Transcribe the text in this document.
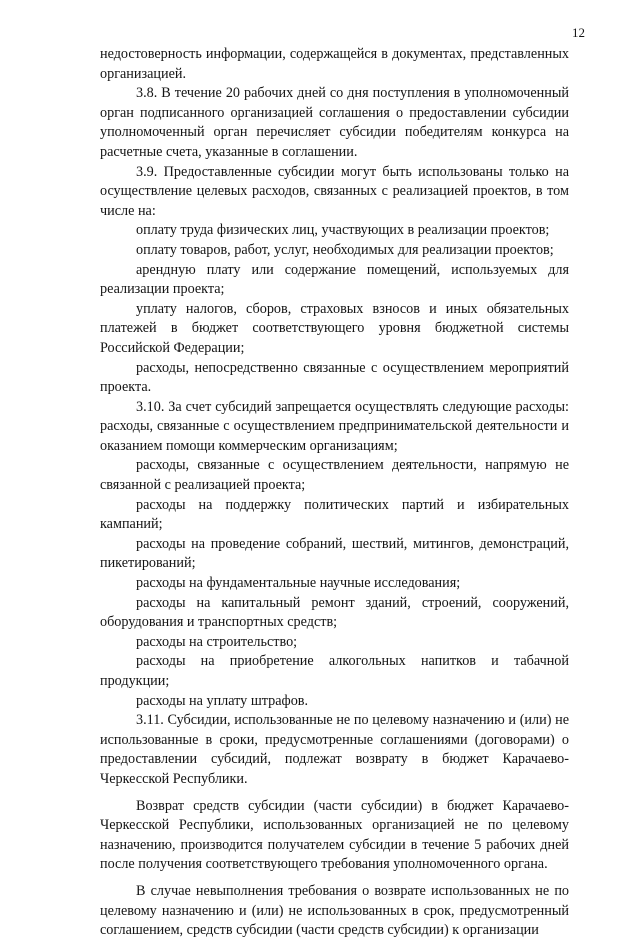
12

недостоверность информации, содержащейся в документах, представленных организацией.

3.8. В течение 20 рабочих дней со дня поступления в уполномоченный орган подписанного организацией соглашения о предоставлении субсидии уполномоченный орган перечисляет субсидии победителям конкурса на расчетные счета, указанные в соглашении.

3.9. Предоставленные субсидии могут быть использованы только на осуществление целевых расходов, связанных с реализацией проектов, в том числе на:

оплату труда физических лиц, участвующих в реализации проектов;

оплату товаров, работ, услуг, необходимых для реализации проектов;

арендную плату или содержание помещений, используемых для реализации проекта;

уплату налогов, сборов, страховых взносов и иных обязательных платежей в бюджет соответствующего уровня бюджетной системы Российской Федерации;

расходы, непосредственно связанные с осуществлением мероприятий проекта.

3.10. За счет субсидий запрещается осуществлять следующие расходы: расходы, связанные с осуществлением предпринимательской деятельности и оказанием помощи коммерческим организациям;

расходы, связанные с осуществлением деятельности, напрямую не связанной с реализацией проекта;

расходы на поддержку политических партий и избирательных кампаний;

расходы на проведение собраний, шествий, митингов, демонстраций, пикетирований;

расходы на фундаментальные научные исследования;

расходы на капитальный ремонт зданий, строений, сооружений, оборудования и транспортных средств;

расходы на строительство;

расходы на приобретение алкогольных напитков и табачной продукции;

расходы на уплату штрафов.

3.11. Субсидии, использованные не по целевому назначению и (или) не использованные в сроки, предусмотренные соглашениями (договорами) о предоставлении субсидий, подлежат возврату в бюджет Карачаево-Черкесской Республики.

Возврат средств субсидии (части субсидии) в бюджет Карачаево-Черкесской Республики, использованных организацией не по целевому назначению, производится получателем субсидии в течение 5 рабочих дней после получения соответствующего требования уполномоченного органа.

В случае невыполнения требования о возврате использованных не по целевому назначению и (или) не использованных в срок, предусмотренный соглашением, средств субсидии (части средств субсидии) к организации
